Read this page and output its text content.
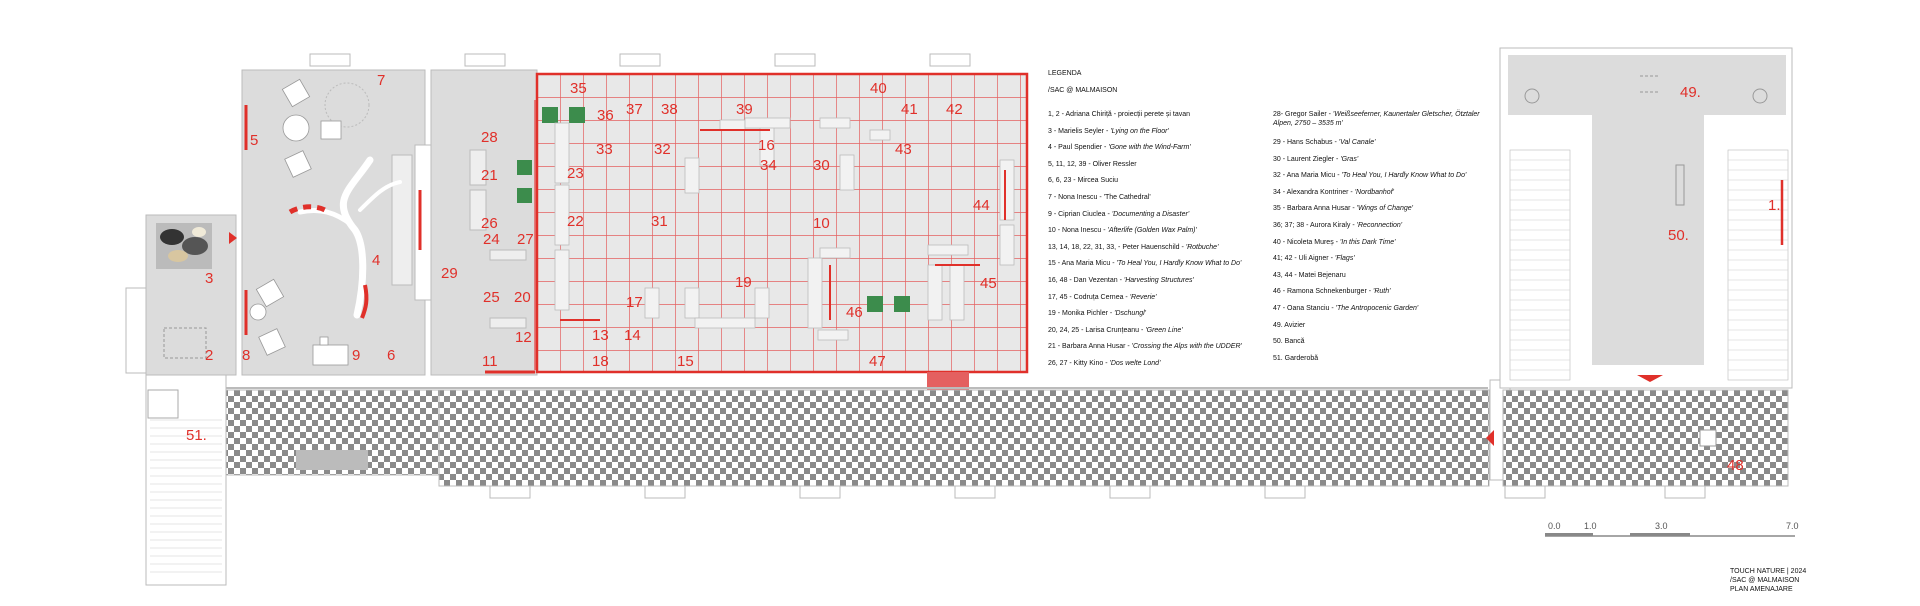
35	40
36 37 38	39	41 42
28
33	32	16	43
34 30
21	23
44
26	22	31	10
24 27
29
19	45
25 20	17
46
12	13 14
11	18	15	47
7
5
4
3
2 8	9 6
51.
49.
1.
50.
48
LEGENDA
/SAC @ MALMAISON
1, 2 - Adriana Chiriță - proiecții perete și tavan
3 - Marielis Seyler - 'Lying on the Floor'
4 - Paul Spendier - 'Gone with the Wind-Farm'
5, 11, 12, 39 - Oliver Ressler
6, 6, 23 - Mircea Suciu
7 - Nona Inescu - 'The Cathedral'
9 - Ciprian Ciuclea - 'Documenting a Disaster'
10 - Nona Inescu - 'Afterlife (Golden Wax Palm)'
13, 14, 18, 22, 31, 33, - Peter Hauenschild - 'Rotbuche'
15 - Ana Maria Micu - 'To Heal You, I Hardly Know What to Do'
16, 48 - Dan Vezentan - 'Harvesting Structures'
17, 45 - Codruța Cernea - 'Reverie'
19 - Monika Pichler - 'Dschungl'
20, 24, 25 - Larisa Crunțeanu - 'Green Line'
21 - Barbara Anna Husar - 'Crossing the Alps with the UDDER'
26, 27 - Kitty Kino - 'Dos welte Lond'
28- Gregor Sailer - 'Weißseeferner, Kaunertaler Gletscher, Ötztaler
Alpen, 2750 – 3535 m'
29 - Hans Schabus - 'Val Canale'
30 - Laurent Ziegler - 'Gras'
32 - Ana Maria Micu - 'To Heal You, I Hardly Know What to Do'
34 - Alexandra Kontriner - 'Nordbanhof'
35 - Barbara Anna Husar - 'Wings of Change'
36; 37; 38 - Aurora Kiraly - 'Reconnection'
40 - Nicoleta Mureș - 'In this Dark Time'
41; 42 - Uli Aigner - 'Flags'
43, 44 - Matei Bejenaru
46 - Ramona Schnekenburger - 'Ruth'
47 - Oana Stanciu - 'The Antropocenic Garden'
49. Avizier
50. Bancă
51. Garderobă
0.0	1.0	3.0	7.0
TOUCH NATURE | 2024
/SAC @ MALMAISON
PLAN AMENAJARE
